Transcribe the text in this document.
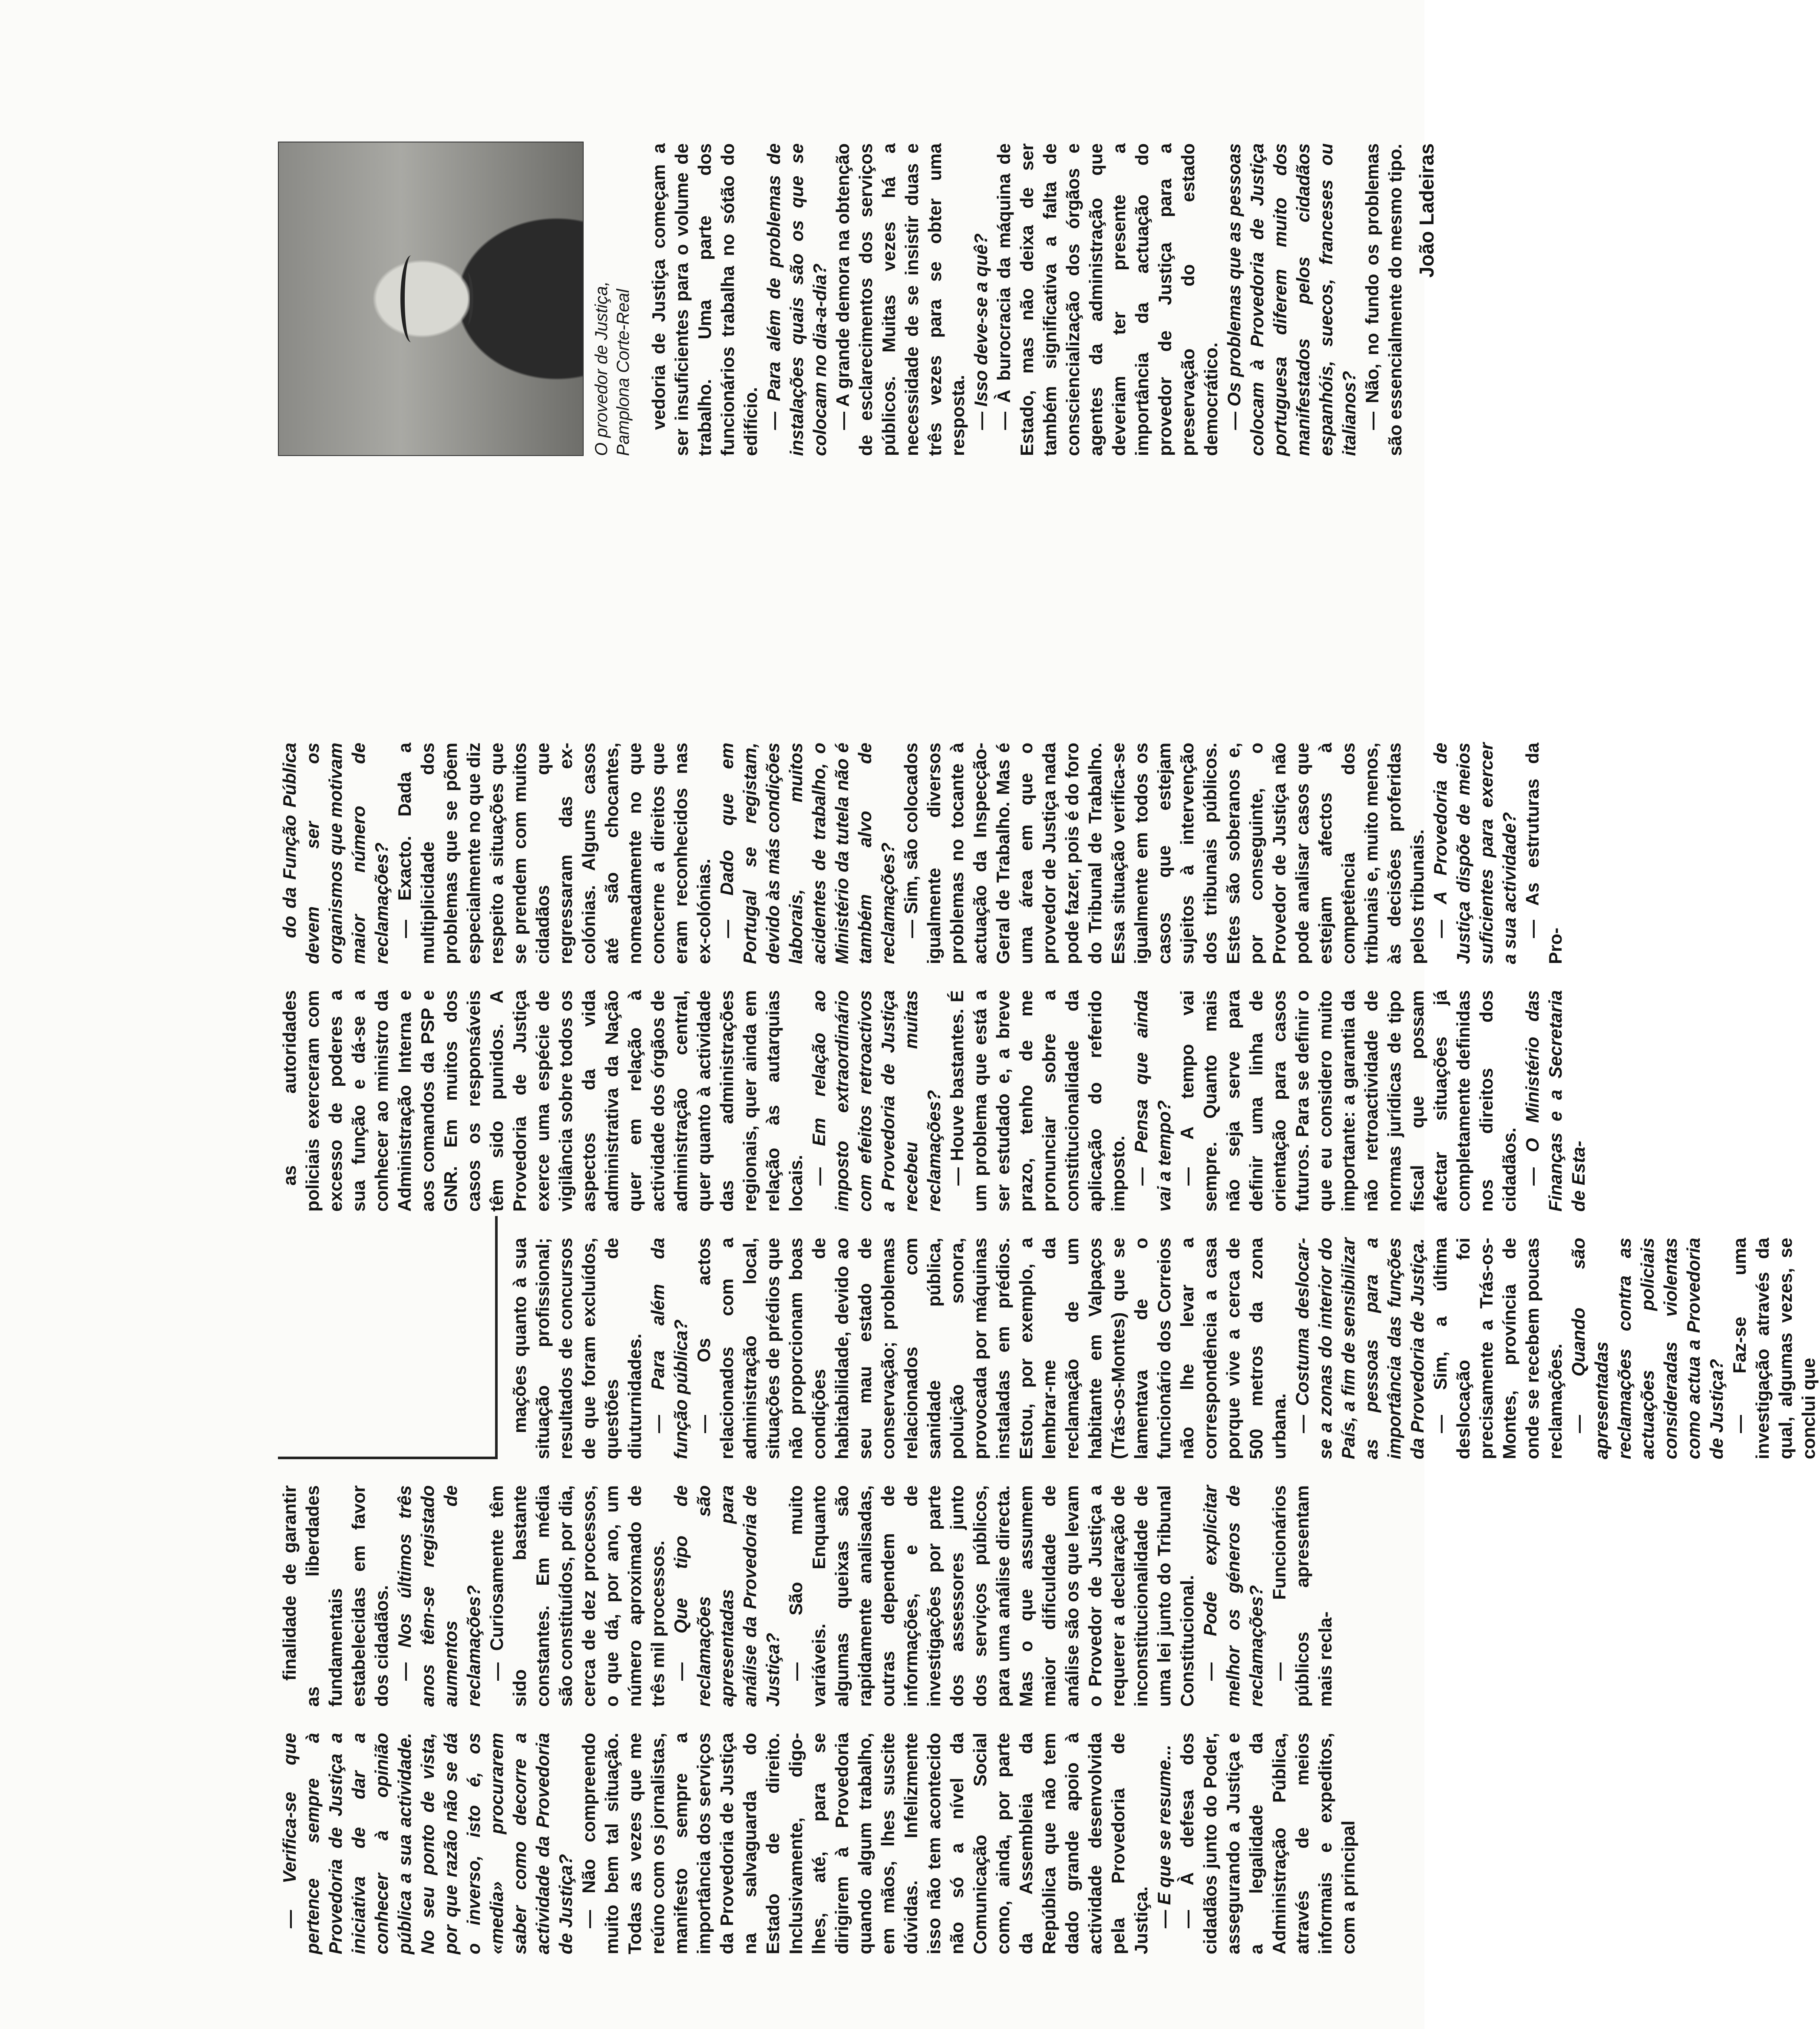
— Verifica-se que pertence sempre à Provedoria de Justiça a iniciativa de dar a conhecer à opinião pública a sua actividade. No seu ponto de vista, por que razão não se dá o inverso, isto é, os «media» procurarem saber como decorre a actividade da Provedoria de Justiça? — Não compreendo muito bem tal situação. Todas as vezes que me reúno com os jornalistas, manifesto sempre a importância dos serviços da Provedoria de Justiça na salvaguarda do Estado de direito. Inclusivamente, digo-lhes, até, para se dirigirem à Provedoria quando algum trabalho, em mãos, lhes suscite dúvidas. Infelizmente isso não tem acontecido não só a nível da Comunicação Social como, ainda, por parte da Assembleia da República que não tem dado grande apoio à actividade desenvolvida pela Provedoria de Justiça. — E que se resume... — À defesa dos cidadãos junto do Poder, assegurando a Justiça e a legalidade da Administração Pública, através de meios informais e expeditos, com a principal

finalidade de garantir as liberdades fundamentais estabelecidas em favor dos cidadãos. — Nos últimos três anos têm-se registado aumentos de reclamações? — Curiosamente têm sido bastante constantes. Em média são constituídos, por dia, cerca de dez processos, o que dá, por ano, um número aproximado de três mil processos. — Que tipo de reclamações são apresentadas para análise da Provedoria de Justiça? — São muito variáveis. Enquanto algumas queixas são rapidamente analisadas, outras dependem de informações, e de investigações por parte dos assessores junto dos serviços públicos, para uma análise directa. Mas o que assumem maior dificuldade de análise são os que levam o Provedor de Justiça a requerer a declaração de inconstitucionalidade de uma lei junto do Tribunal Constitucional. — Pode explicitar melhor os géneros de reclamações? — Funcionários públicos apresentam mais recla-

mações quanto à sua situação profissional; resultados de concursos de que foram excluídos, questões de diuturnidades. — Para além da função pública? — Os actos relacionados com a administração local, situações de prédios que não proporcionam boas condições de habitabilidade, devido ao seu mau estado de conservação; problemas relacionados com sanidade pública, poluição sonora, provocada por máquinas instaladas em prédios. Estou, por exemplo, a lembrar-me da reclamação de um habitante em Valpaços (Trás-os-Montes) que se lamentava de o funcionário dos Correios não lhe levar a correspondência a casa porque vive a cerca de 500 metros da zona urbana. — Costuma deslocar-se a zonas do interior do País, a fim de sensibilizar as pessoas para a importância das funções da Provedoria de Justiça. — Sim, a última deslocação foi precisamente a Trás-os-Montes, província de onde se recebem poucas reclamações. — Quando são apresentadas reclamações contra as actuações policiais consideradas violentas como actua a Provedoria de Justiça? — Faz-se uma investigação através da qual, algumas vezes, se conclui que

as autoridades policiais exerceram com excesso de poderes a sua função e dá-se a conhecer ao ministro da Administração Interna e aos comandos da PSP e GNR. Em muitos dos casos os responsáveis têm sido punidos. A Provedoria de Justiça exerce uma espécie de vigilância sobre todos os aspectos da vida administrativa da Nação quer em relação à actividade dos órgãos de administração central, quer quanto à actividade das administrações regionais, quer ainda em relação às autarquias locais. — Em relação ao imposto extraordinário com efeitos retroactivos a Provedoria de Justiça recebeu muitas reclamações? — Houve bastantes. É um problema que está a ser estudado e, a breve prazo, tenho de me pronunciar sobre a constitucionalidade da aplicação do referido imposto. — Pensa que ainda vai a tempo? — A tempo vai sempre. Quanto mais não seja serve para definir uma linha de orientação para casos futuros. Para se definir o que eu considero muito importante: a garantia da não retroactividade de normas jurídicas de tipo fiscal que possam afectar situações já completamente definidas nos direitos dos cidadãos. — O Ministério das Finanças e a Secretaria de Esta-

do da Função Pública devem ser os organismos que motivam maior número de reclamações? — Exacto. Dada a multiplicidade dos problemas que se põem especialmente no que diz respeito a situações que se prendem com muitos cidadãos que regressaram das ex-colónias. Alguns casos até são chocantes, nomeadamente no que concerne a direitos que eram reconhecidos nas ex-colónias. — Dado que em Portugal se registam, devido às más condições laborais, muitos acidentes de trabalho, o Ministério da tutela não é também alvo de reclamações? — Sim, são colocados igualmente diversos problemas no tocante à actuação da Inspecção-Geral de Trabalho. Mas é uma área em que o provedor de Justiça nada pode fazer, pois é do foro do Tribunal de Trabalho. Essa situação verifica-se igualmente em todos os casos que estejam sujeitos à intervenção dos tribunais públicos. Estes são soberanos e, por conseguinte, o Provedor de Justiça não pode analisar casos que estejam afectos à competência dos tribunais e, muito menos, às decisões proferidas pelos tribunais. — A Provedoria de Justiça dispõe de meios suficientes para exercer a sua actividade? — As estruturas da Pro-

vedoria de Justiça começam a ser insuficientes para o volume de trabalho. Uma parte dos funcionários trabalha no sótão do edifício. — Para além de problemas de instalações quais são os que se colocam no dia-a-dia? — A grande demora na obtenção de esclarecimentos dos serviços públicos. Muitas vezes há a necessidade de se insistir duas e três vezes para se obter uma resposta. — Isso deve-se a quê? — À burocracia da máquina de Estado, mas não deixa de ser também significativa a falta de consciencialização dos órgãos e agentes da administração que deveriam ter presente a importância da actuação do provedor de Justiça para a preservação do estado democrático. — Os problemas que as pessoas colocam à Provedoria de Justiça portuguesa diferem muito dos manifestados pelos cidadãos espanhóis, suecos, franceses ou italianos? — Não, no fundo os problemas são essencialmente do mesmo tipo. João Ladeiras

O provedor de Justiça, Pamplona Corte-Real
